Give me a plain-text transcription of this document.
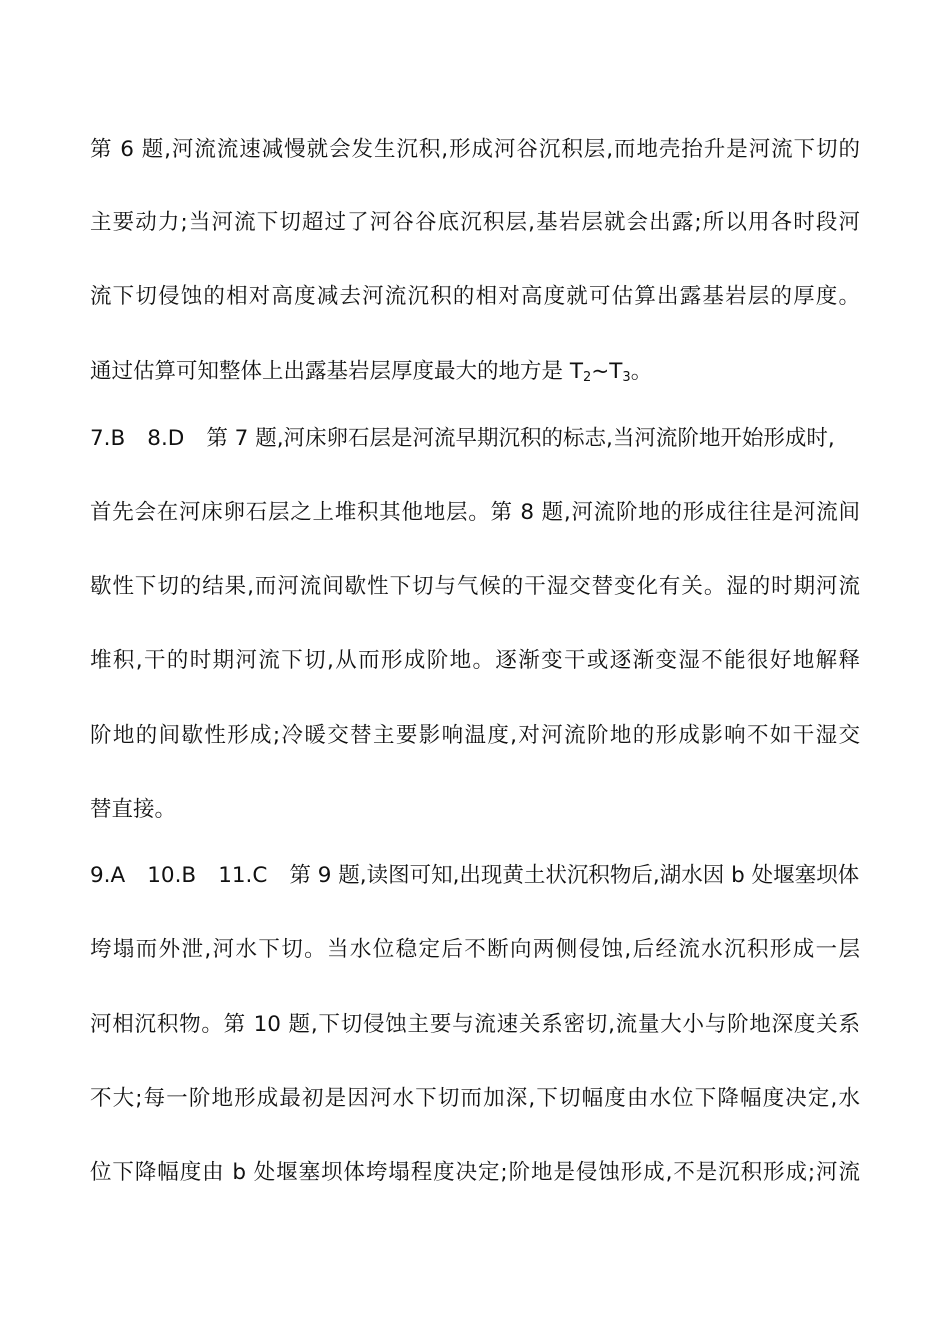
第 6 题,河流流速减慢就会发生沉积,形成河谷沉积层,而地壳抬升是河流下切的
主要动力;当河流下切超过了河谷谷底沉积层,基岩层就会出露;所以用各时段河
流下切侵蚀的相对高度减去河流沉积的相对高度就可估算出露基岩层的厚度。
通过估算可知整体上出露基岩层厚度最大的地方是 $T_2\sim T_3$。
7.B 8.D 第 7 题,河床卵石层是河流早期沉积的标志,当河流阶地开始形成时,
首先会在河床卵石层之上堆积其他地层。第 8 题,河流阶地的形成往往是河流间
歇性下切的结果,而河流间歇性下切与气候的干湿交替变化有关。湿的时期河流
堆积,干的时期河流下切,从而形成阶地。逐渐变干或逐渐变湿不能很好地解释
阶地的间歇性形成;冷暖交替主要影响温度,对河流阶地的形成影响不如干湿交
替直接。
9.A 10.B 11.C 第 9 题,读图可知,出现黄土状沉积物后,湖水因 b 处堰塞坝体
垮塌而外泄,河水下切。当水位稳定后不断向两侧侵蚀,后经流水沉积形成一层
河相沉积物。第 10 题,下切侵蚀主要与流速关系密切,流量大小与阶地深度关系
不大;每一阶地形成最初是因河水下切而加深,下切幅度由水位下降幅度决定,水
位下降幅度由 b 处堰塞坝体垮塌程度决定;阶地是侵蚀形成,不是沉积形成;河流
